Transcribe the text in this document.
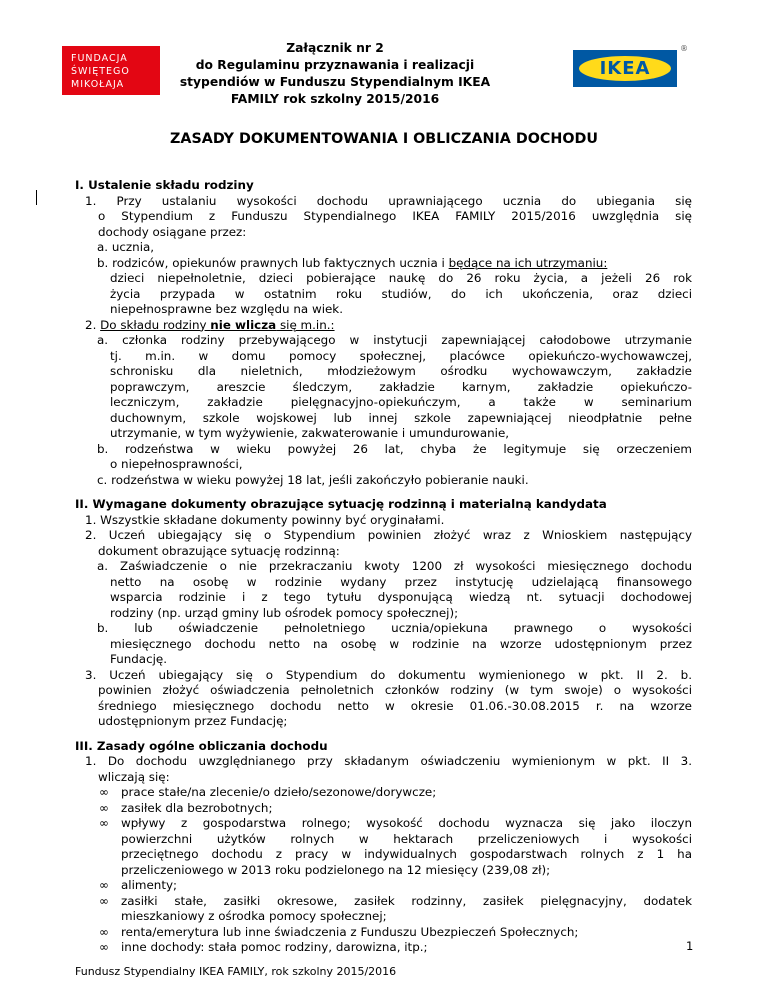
FUNDACJA
ŚWIĘTEGO
MIKOŁAJA
Załącznik nr 2
do Regulaminu przyznawania i realizacji
stypendiów w Funduszu Stypendialnym IKEA
FAMILY rok szkolny 2015/2016
IKEA
®
ZASADY DOKUMENTOWANIA I OBLICZANIA DOCHODU
I. Ustalenie składu rodziny
1. Przy ustalaniu wysokości dochodu uprawniającego ucznia do ubiegania się
o Stypendium z Funduszu Stypendialnego IKEA FAMILY 2015/2016 uwzględnia się
dochody osiągane przez:
a. ucznia,
b. rodziców, opiekunów prawnych lub faktycznych ucznia i będące na ich utrzymaniu:
dzieci niepełnoletnie, dzieci pobierające naukę do 26 roku życia, a jeżeli 26 rok
życia przypada w ostatnim roku studiów, do ich ukończenia, oraz dzieci
niepełnosprawne bez względu na wiek.
2. Do składu rodziny nie wlicza się m.in.:
a. członka rodziny przebywającego w instytucji zapewniającej całodobowe utrzymanie
tj. m.in. w domu pomocy społecznej, placówce opiekuńczo-wychowawczej,
schronisku dla nieletnich, młodzieżowym ośrodku wychowawczym, zakładzie
poprawczym, areszcie śledczym, zakładzie karnym, zakładzie opiekuńczo-
leczniczym, zakładzie pielęgnacyjno-opiekuńczym, a także w seminarium
duchownym, szkole wojskowej lub innej szkole zapewniającej nieodpłatnie pełne
utrzymanie, w tym wyżywienie, zakwaterowanie i umundurowanie,
b. rodzeństwa w wieku powyżej 26 lat, chyba że legitymuje się orzeczeniem
o niepełnosprawności,
c. rodzeństwa w wieku powyżej 18 lat, jeśli zakończyło pobieranie nauki.
II. Wymagane dokumenty obrazujące sytuację rodzinną i materialną kandydata
1. Wszystkie składane dokumenty powinny być oryginałami.
2. Uczeń ubiegający się o Stypendium powinien złożyć wraz z Wnioskiem następujący
dokument obrazujące sytuację rodzinną:
a. Zaświadczenie o nie przekraczaniu kwoty 1200 zł wysokości miesięcznego dochodu
netto na osobę w rodzinie wydany przez instytucję udzielającą finansowego
wsparcia rodzinie i z tego tytułu dysponującą wiedzą nt. sytuacji dochodowej
rodziny (np. urząd gminy lub ośrodek pomocy społecznej);
b. lub oświadczenie pełnoletniego ucznia/opiekuna prawnego o wysokości
miesięcznego dochodu netto na osobę w rodzinie na wzorze udostępnionym przez
Fundację.
3. Uczeń ubiegający się o Stypendium do dokumentu wymienionego w pkt. II 2. b.
powinien złożyć oświadczenia pełnoletnich członków rodziny (w tym swoje) o wysokości
średniego miesięcznego dochodu netto w okresie 01.06.-30.08.2015 r. na wzorze
udostępnionym przez Fundację;
III. Zasady ogólne obliczania dochodu
1. Do dochodu uwzględnianego przy składanym oświadczeniu wymienionym w pkt. II 3.
wliczają się:
∞ prace stałe/na zlecenie/o dzieło/sezonowe/dorywcze;
∞ zasiłek dla bezrobotnych;
∞ wpływy z gospodarstwa rolnego; wysokość dochodu wyznacza się jako iloczyn
powierzchni użytków rolnych w hektarach przeliczeniowych i wysokości
przeciętnego dochodu z pracy w indywidualnych gospodarstwach rolnych z 1 ha
przeliczeniowego w 2013 roku podzielonego na 12 miesięcy (239,08 zł);
∞ alimenty;
∞ zasiłki stałe, zasiłki okresowe, zasiłek rodzinny, zasiłek pielęgnacyjny, dodatek
mieszkaniowy z ośrodka pomocy społecznej;
∞ renta/emerytura lub inne świadczenia z Funduszu Ubezpieczeń Społecznych;
∞ inne dochody: stała pomoc rodziny, darowizna, itp.;	1
Fundusz Stypendialny IKEA FAMILY, rok szkolny 2015/2016
